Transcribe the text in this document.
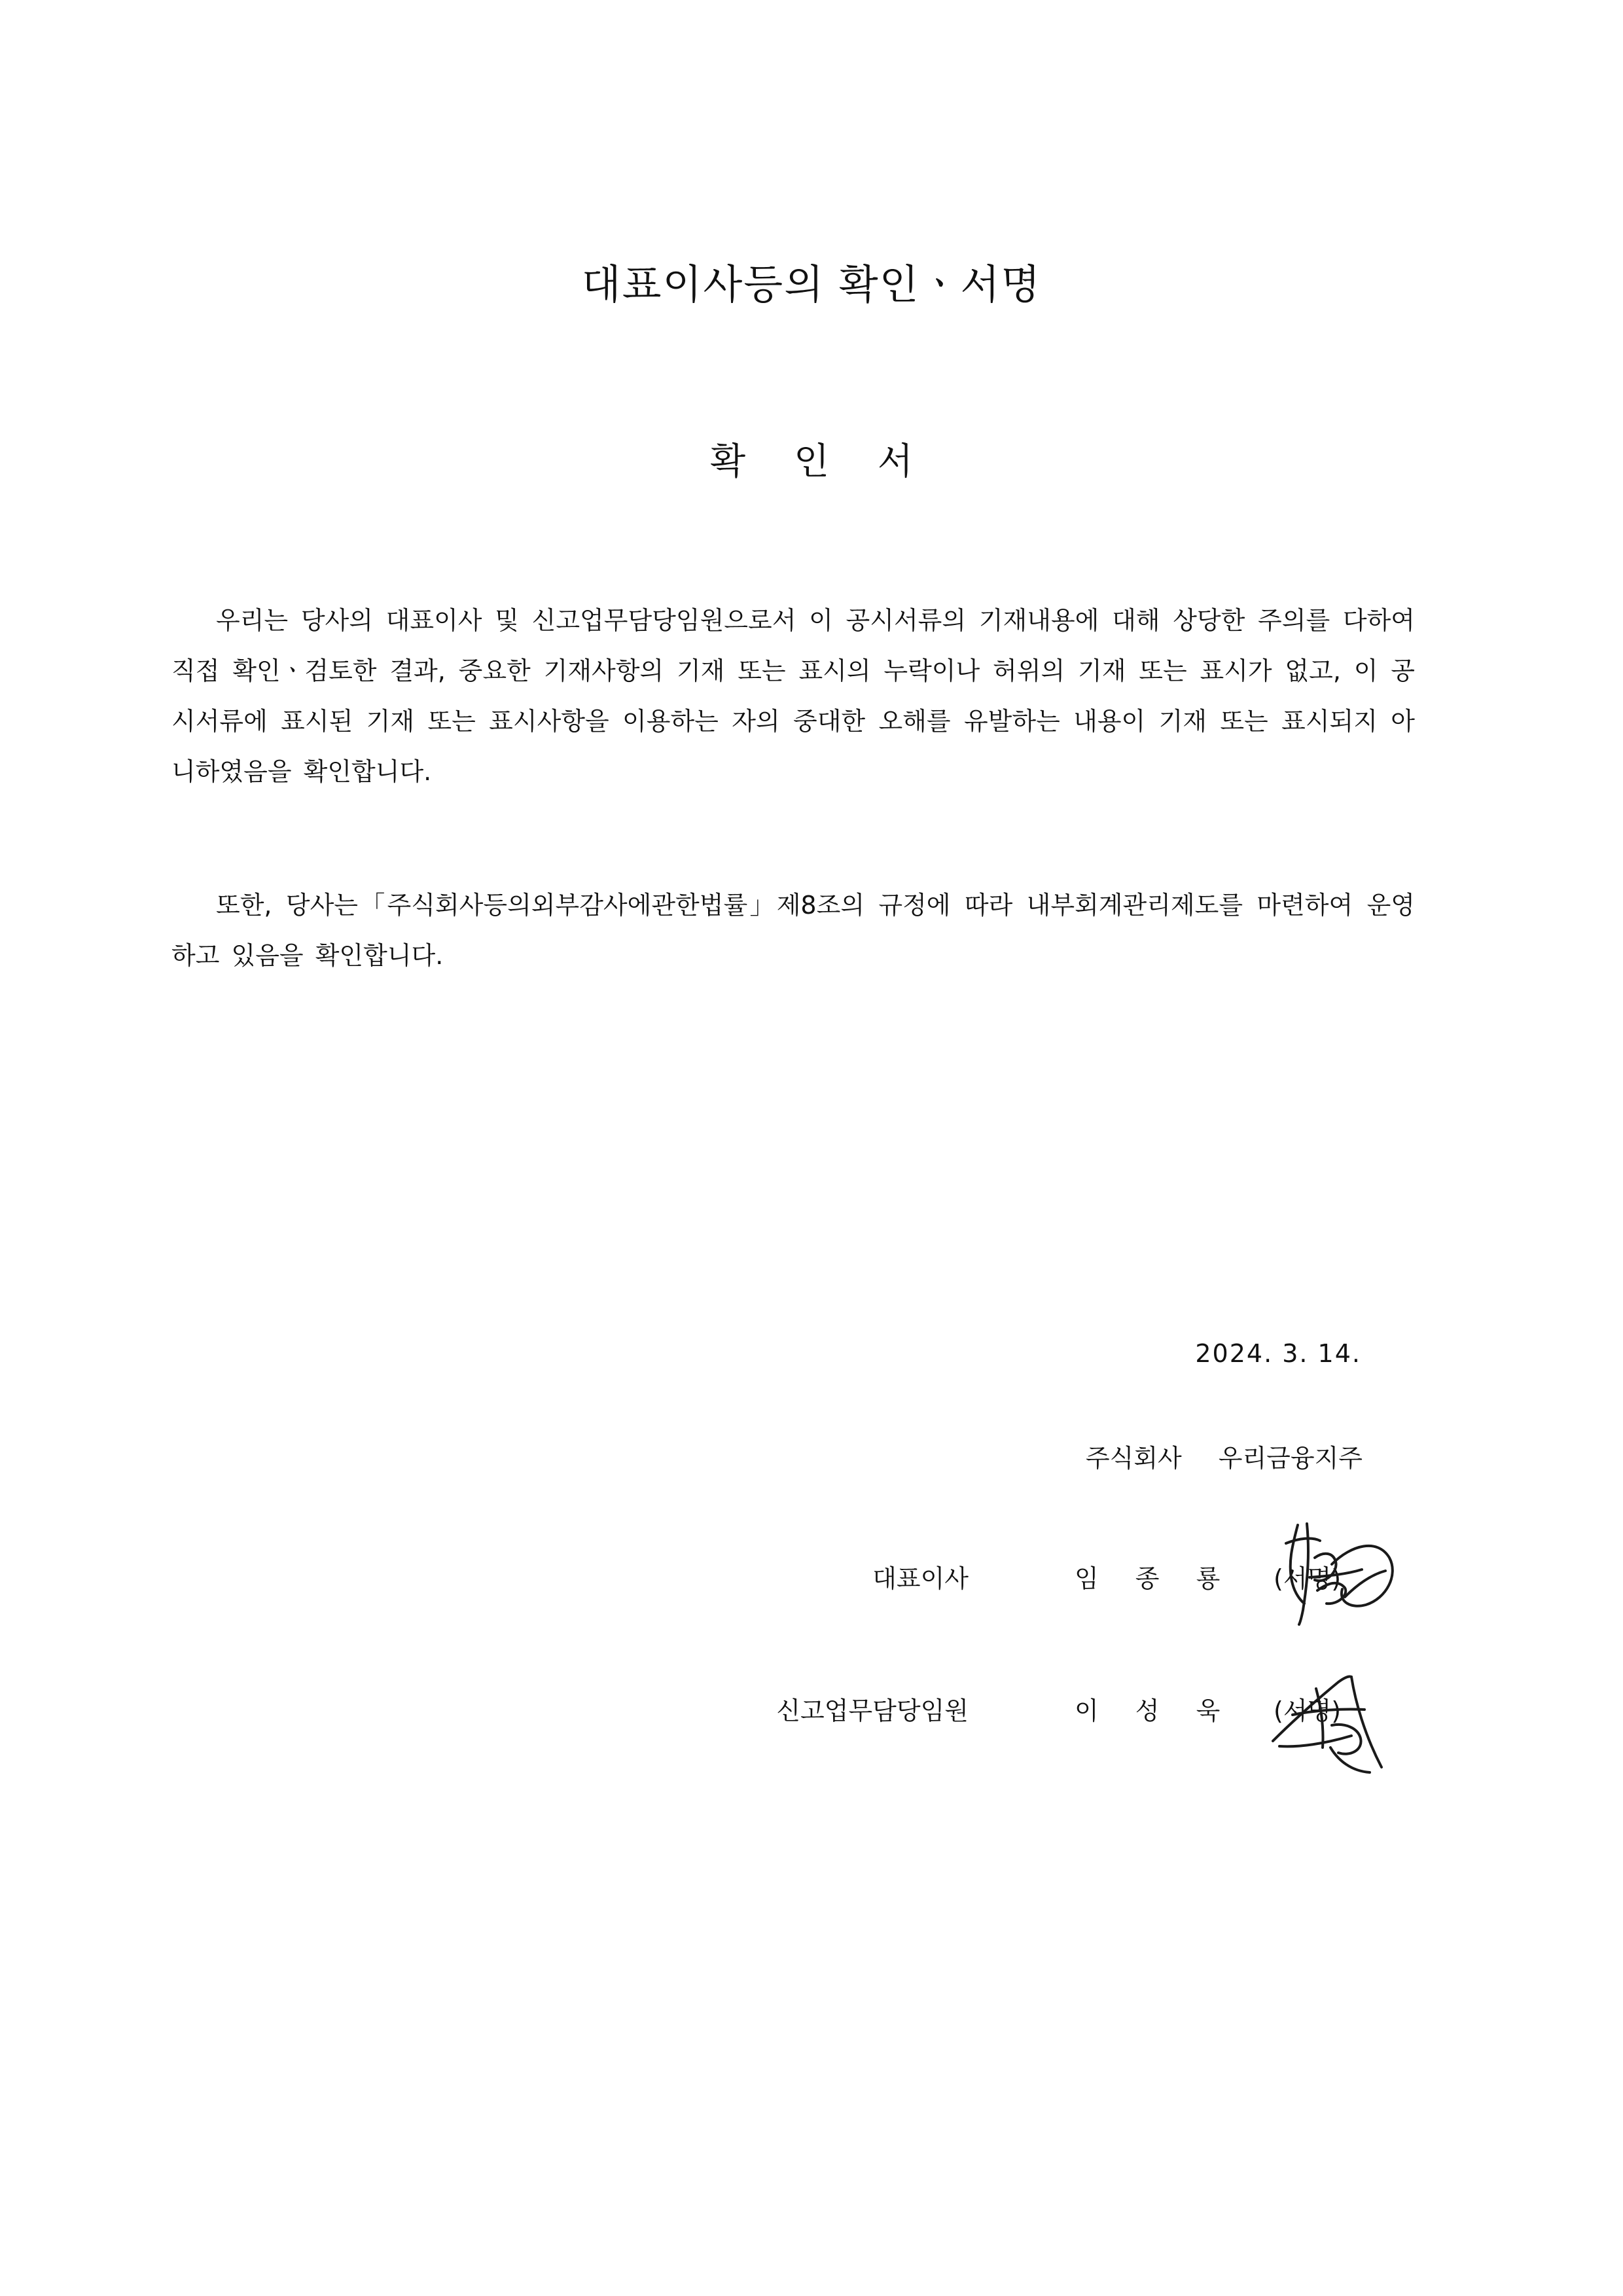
대표이사등의 확인ㆍ서명
확 인 서

우리는 당사의 대표이사 및 신고업무담당임원으로서 이 공시서류의 기재내용에 대해 상당한 주의를 다하여 직접 확인ㆍ검토한 결과, 중요한 기재사항의 기재 또는 표시의 누락이나 허위의 기재 또는 표시가 없고, 이 공시서류에 표시된 기재 또는 표시사항을 이용하는 자의 중대한 오해를 유발하는 내용이 기재 또는 표시되지 아니하였음을 확인합니다.

또한, 당사는「주식회사등의외부감사에관한법률」제8조의 규정에 따라 내부회계관리제도를 마련하여 운영하고 있음을 확인합니다.

2024. 3. 14.
주식회사 우리금융지주
대표이사	임 종 룡 (서명)
신고업무담당임원	이 성 욱 (서명)
